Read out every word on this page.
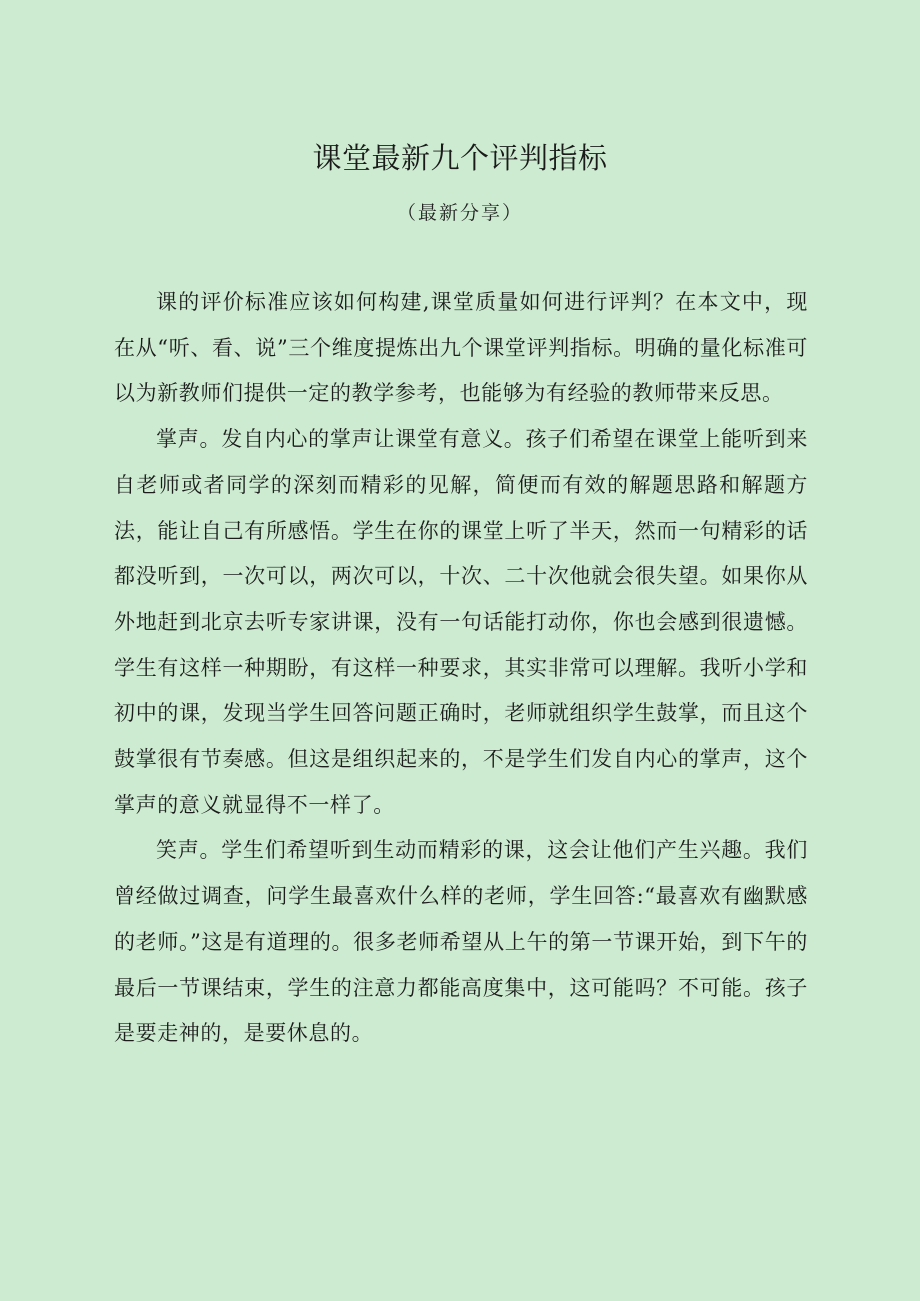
课堂最新九个评判指标

（最新分享）

课的评价标准应该如何构建,课堂质量如何进行评判？在本文中，现在从“听、看、说”三个维度提炼出九个课堂评判指标。明确的量化标准可以为新教师们提供一定的教学参考，也能够为有经验的教师带来反思。

掌声。发自内心的掌声让课堂有意义。孩子们希望在课堂上能听到来自老师或者同学的深刻而精彩的见解，简便而有效的解题思路和解题方法，能让自己有所感悟。学生在你的课堂上听了半天，然而一句精彩的话都没听到，一次可以，两次可以，十次、二十次他就会很失望。如果你从外地赶到北京去听专家讲课，没有一句话能打动你，你也会感到很遗憾。学生有这样一种期盼，有这样一种要求，其实非常可以理解。我听小学和初中的课，发现当学生回答问题正确时，老师就组织学生鼓掌，而且这个鼓掌很有节奏感。但这是组织起来的，不是学生们发自内心的掌声，这个掌声的意义就显得不一样了。

笑声。学生们希望听到生动而精彩的课，这会让他们产生兴趣。我们曾经做过调查，问学生最喜欢什么样的老师，学生回答:“最喜欢有幽默感的老师。”这是有道理的。很多老师希望从上午的第一节课开始，到下午的最后一节课结束，学生的注意力都能高度集中，这可能吗？不可能。孩子是要走神的，是要休息的。
